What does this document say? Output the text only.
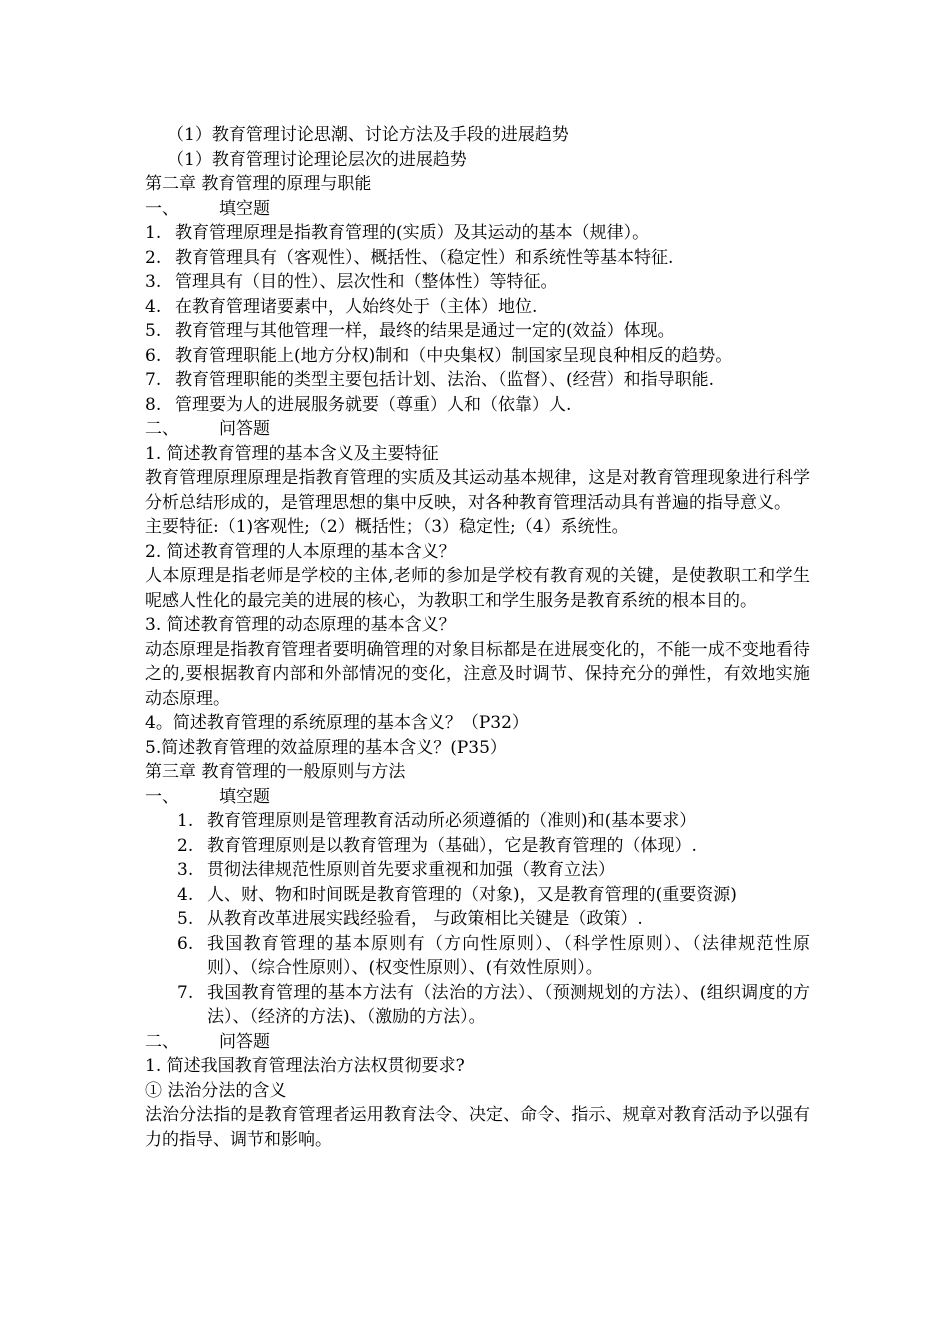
（1）教育管理讨论思潮、讨论方法及手段的进展趋势
（1）教育管理讨论理论层次的进展趋势
第二章 教育管理的原理与职能
一、 填空题
1. 教育管理原理是指教育管理的(实质）及其运动的基本（规律）。
2. 教育管理具有（客观性）、概括性、（稳定性）和系统性等基本特征.
3. 管理具有（目的性）、层次性和（整体性）等特征。
4. 在教育管理诸要素中，人始终处于（主体）地位.
5. 教育管理与其他管理一样，最终的结果是通过一定的(效益）体现。
6. 教育管理职能上(地方分权)制和（中央集权）制国家呈现良种相反的趋势。
7. 教育管理职能的类型主要包括计划、法治、（监督）、(经营）和指导职能.
8. 管理要为人的进展服务就要（尊重）人和（依靠）人.
二、 问答题
1. 简述教育管理的基本含义及主要特征
教育管理原理原理是指教育管理的实质及其运动基本规律，这是对教育管理现象进行科学分析总结形成的，是管理思想的集中反映，对各种教育管理活动具有普遍的指导意义。
主要特征:（1)客观性;（2）概括性；（3）稳定性;（4）系统性。
2. 简述教育管理的人本原理的基本含义？
人本原理是指老师是学校的主体,老师的参加是学校有教育观的关键，是使教职工和学生呢感人性化的最完美的进展的核心，为教职工和学生服务是教育系统的根本目的。
3. 简述教育管理的动态原理的基本含义？
动态原理是指教育管理者要明确管理的对象目标都是在进展变化的，不能一成不变地看待之的,要根据教育内部和外部情况的变化，注意及时调节、保持充分的弹性，有效地实施动态原理。
4。简述教育管理的系统原理的基本含义？（P32）
5.简述教育管理的效益原理的基本含义？(P35）
第三章 教育管理的一般原则与方法
一、 填空题
1. 教育管理原则是管理教育活动所必须遵循的（准则)和(基本要求）
2. 教育管理原则是以教育管理为（基础），它是教育管理的（体现）.
3. 贯彻法律规范性原则首先要求重视和加强（教育立法）
4. 人、财、物和时间既是教育管理的（对象)，又是教育管理的(重要资源)
5. 从教育改革进展实践经验看， 与政策相比关键是（政策）.
6. 我国教育管理的基本原则有（方向性原则）、（科学性原则）、（法律规范性原则）、（综合性原则）、(权变性原则）、(有效性原则）。
7. 我国教育管理的基本方法有（法治的方法）、（预测规划的方法）、(组织调度的方法）、（经济的方法)、（激励的方法）。
二、 问答题
1. 简述我国教育管理法治方法权贯彻要求?
① 法治分法的含义
法治分法指的是教育管理者运用教育法令、决定、命令、指示、规章对教育活动予以强有力的指导、调节和影响。
